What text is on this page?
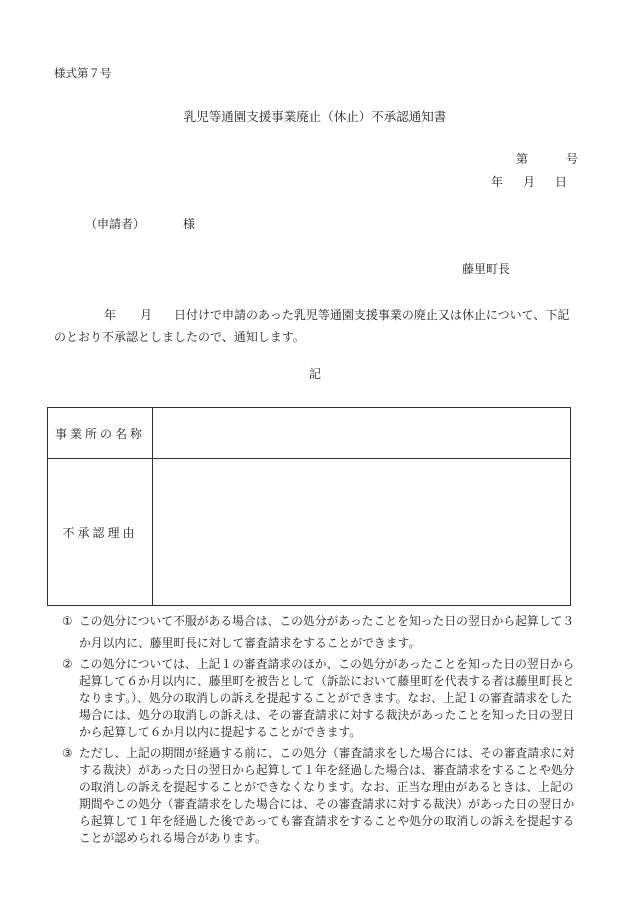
様式第７号
乳児等通園支援事業廃止（休止）不承認通知書
第	号
年 月 日
（申請者）	様
藤里町長
年 月 日付けで申請のあった乳児等通園支援事業の廃止又は休止について、下記
のとおり不承認としましたので、通知します。
記
事業所の名称	
不承認理由	
① この処分について不服がある場合は、この処分があったことを知った日の翌日から起算して３か月以内に、藤里町長に対して審査請求をすることができます。
② この処分については、上記１の審査請求のほか、この処分があったことを知った日の翌日から起算して６か月以内に、藤里町を被告として（訴訟において藤里町を代表する者は藤里町長となります。）、処分の取消しの訴えを提起することができます。なお、上記１の審査請求をした場合には、処分の取消しの訴えは、その審査請求に対する裁決があったことを知った日の翌日から起算して６か月以内に提起することができます。
③ ただし、上記の期間が経過する前に、この処分（審査請求をした場合には、その審査請求に対する裁決）があった日の翌日から起算して１年を経過した場合は、審査請求をすることや処分の取消しの訴えを提起することができなくなります。なお、正当な理由があるときは、上記の期間やこの処分（審査請求をした場合には、その審査請求に対する裁決）があった日の翌日から起算して１年を経過した後であっても審査請求をすることや処分の取消しの訴えを提起することが認められる場合があります。
